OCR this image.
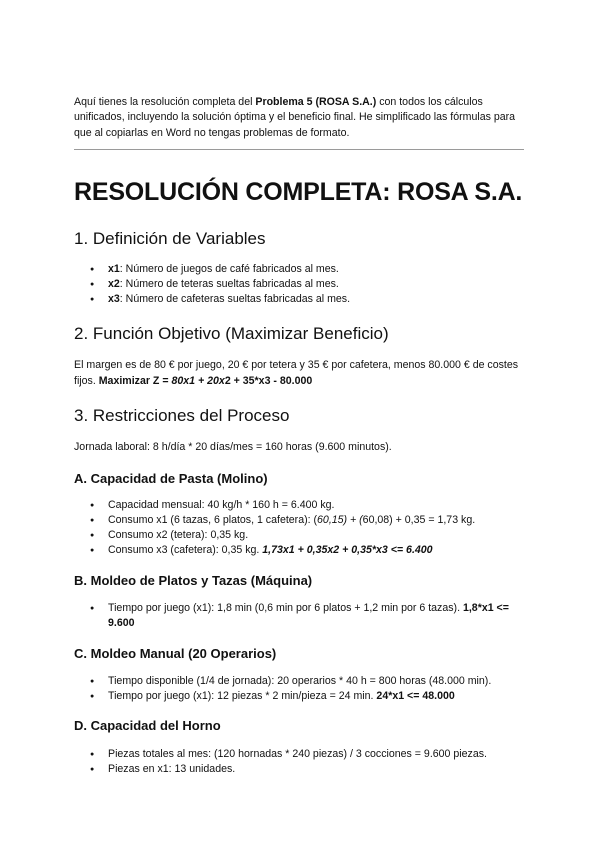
Aquí tienes la resolución completa del Problema 5 (ROSA S.A.) con todos los cálculos unificados, incluyendo la solución óptima y el beneficio final. He simplificado las fórmulas para que al copiarlas en Word no tengas problemas de formato.

RESOLUCIÓN COMPLETA: ROSA S.A.
1. Definición de Variables
● x1: Número de juegos de café fabricados al mes.
● x2: Número de teteras sueltas fabricadas al mes.
● x3: Número de cafeteras sueltas fabricadas al mes.
2. Función Objetivo (Maximizar Beneficio)

El margen es de 80 € por juego, 20 € por tetera y 35 € por cafetera, menos 80.000 € de costes fijos. Maximizar Z = 80x1 + 20x2 + 35*x3 - 80.000

3. Restricciones del Proceso

Jornada laboral: 8 h/día * 20 días/mes = 160 horas (9.600 minutos).

A. Capacidad de Pasta (Molino)
● Capacidad mensual: 40 kg/h * 160 h = 6.400 kg.
● Consumo x1 (6 tazas, 6 platos, 1 cafetera): (60,15) + (60,08) + 0,35 = 1,73 kg.
● Consumo x2 (tetera): 0,35 kg.
● Consumo x3 (cafetera): 0,35 kg. 1,73x1 + 0,35x2 + 0,35*x3 <= 6.400
B. Moldeo de Platos y Tazas (Máquina)
● Tiempo por juego (x1): 1,8 min (0,6 min por 6 platos + 1,2 min por 6 tazas). 1,8*x1 <= 9.600
C. Moldeo Manual (20 Operarios)
● Tiempo disponible (1/4 de jornada): 20 operarios * 40 h = 800 horas (48.000 min).
● Tiempo por juego (x1): 12 piezas * 2 min/pieza = 24 min. 24*x1 <= 48.000
D. Capacidad del Horno
● Piezas totales al mes: (120 hornadas * 240 piezas) / 3 cocciones = 9.600 piezas.
● Piezas en x1: 13 unidades.
